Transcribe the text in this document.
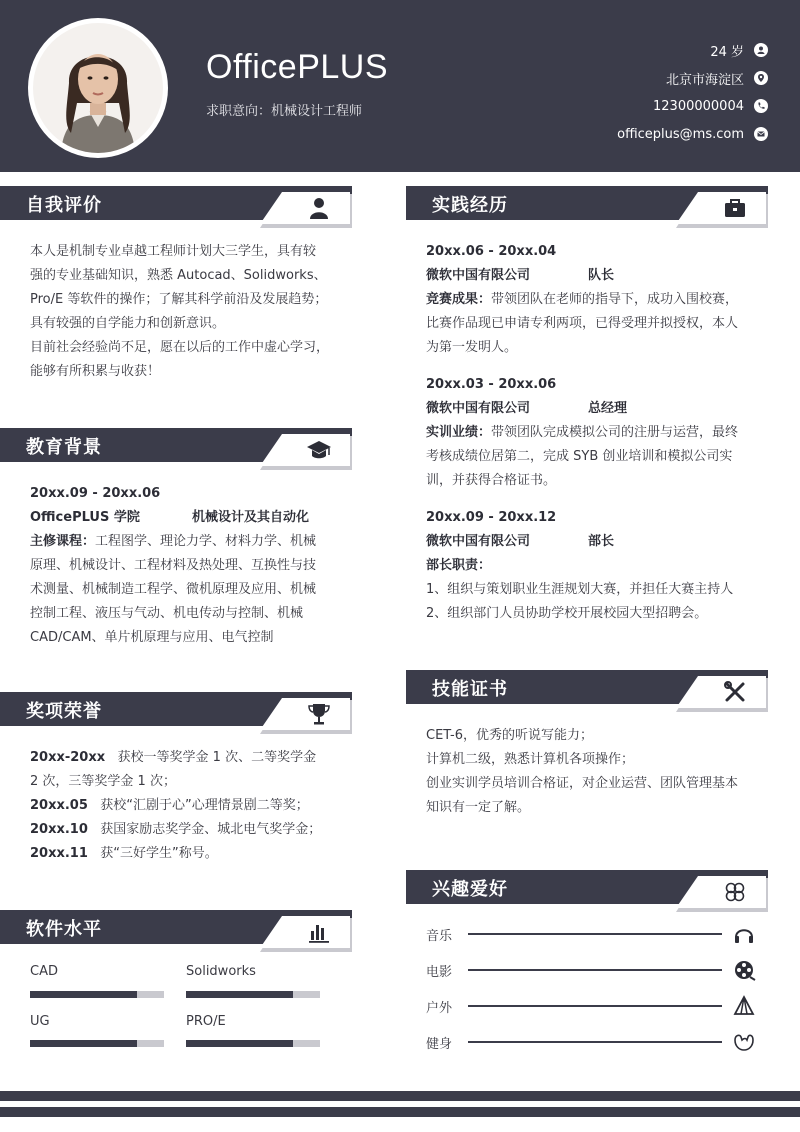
OfficePLUS
求职意向：机械设计工程师
24 岁
北京市海淀区
12300000004
officeplus@ms.com
自我评价
本人是机制专业卓越工程师计划大三学生，具有较
强的专业基础知识，熟悉 Autocad、Solidworks、
Pro/E 等软件的操作；了解其科学前沿及发展趋势；
具有较强的自学能力和创新意识。
目前社会经验尚不足，愿在以后的工作中虚心学习，
能够有所积累与收获！
教育背景
20xx.09 - 20xx.06
OfficePLUS 学院	机械设计及其自动化
主修课程：工程图学、理论力学、材料力学、机械
原理、机械设计、工程材料及热处理、互换性与技
术测量、机械制造工程学、微机原理及应用、机械
控制工程、液压与气动、机电传动与控制、机械
CAD/CAM、单片机原理与应用、电气控制
奖项荣誉
20xx-20xx 获校一等奖学金 1 次、二等奖学金
2 次，三等奖学金 1 次；
20xx.05 获校“汇剧于心”心理情景剧二等奖；
20xx.10 获国家励志奖学金、城北电气奖学金；
20xx.11 获“三好学生”称号。
软件水平
CAD	Solidworks
UG	PRO/E
实践经历
20xx.06 - 20xx.04
微软中国有限公司	队长
竞赛成果：带领团队在老师的指导下，成功入围校赛，
比赛作品现已申请专利两项，已得受理并拟授权，本人
为第一发明人。
20xx.03 - 20xx.06
微软中国有限公司	总经理
实训业绩：带领团队完成模拟公司的注册与运营，最终
考核成绩位居第二，完成 SYB 创业培训和模拟公司实
训，并获得合格证书。
20xx.09 - 20xx.12
微软中国有限公司	部长
部长职责：
1、组织与策划职业生涯规划大赛，并担任大赛主持人
2、组织部门人员协助学校开展校园大型招聘会。
技能证书
CET-6，优秀的听说写能力；
计算机二级，熟悉计算机各项操作；
创业实训学员培训合格证，对企业运营、团队管理基本
知识有一定了解。
兴趣爱好
音乐
电影
户外
健身
